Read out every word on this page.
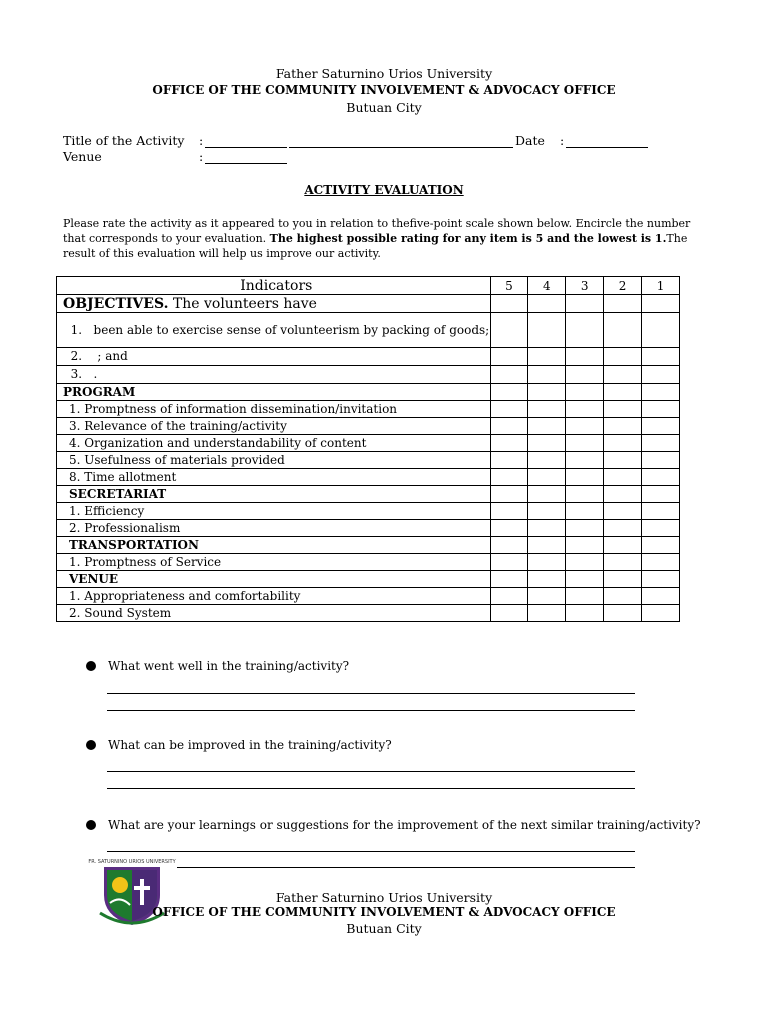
Father Saturnino Urios University
OFFICE OF THE COMMUNITY INVOLVEMENT & ADVOCACY OFFICE
Butuan City
Title of the Activity :	Date :
Venue	:
ACTIVITY EVALUATION
Please rate the activity as it appeared to you in relation to thefive-point scale shown below. Encircle the number that corresponds to your evaluation. The highest possible rating for any item is 5 and the lowest is 1.The result of this evaluation will help us improve our activity.
Indicators	5	4	3	2	1
OBJECTIVES. The volunteers have					
1.   been able to exercise sense of volunteerism by packing of goods;					
2.    ; and					
3.   .					
PROGRAM					
1. Promptness of information dissemination/invitation					
3. Relevance of the training/activity					
4. Organization and understandability of content					
5. Usefulness of materials provided					
8. Time allotment					
SECRETARIAT					
1. Efficiency					
2. Professionalism					
TRANSPORTATION					
1. Promptness of Service					
VENUE					
1. Appropriateness and comfortability					
2. Sound System					
What went well in the training/activity?
What can be improved in the training/activity?
What are your learnings or suggestions for the improvement of the next similar training/activity?
FR. SATURNINO URIOS UNIVERSITY
Father Saturnino Urios University
OFFICE OF THE COMMUNITY INVOLVEMENT & ADVOCACY OFFICE
Butuan City
